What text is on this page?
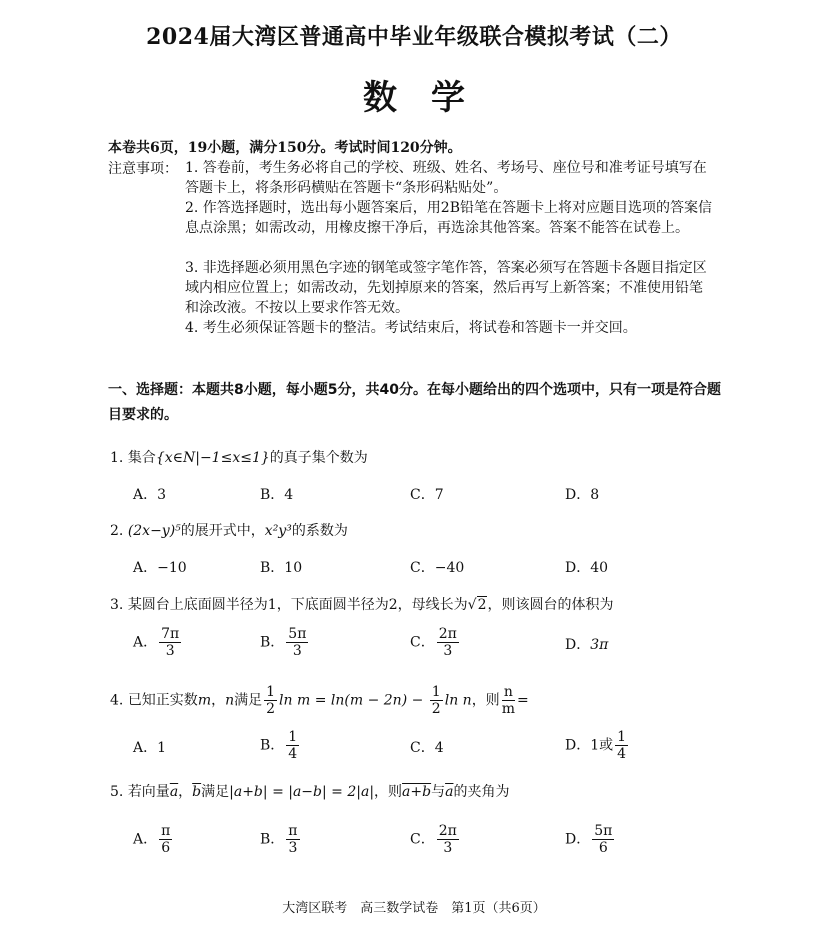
2024届大湾区普通高中毕业年级联合模拟考试（二）
数学
本卷共6页，19小题，满分150分。考试时间120分钟。
注意事项： 1. 答卷前，考生务必将自己的学校、班级、姓名、考场号、座位号和准考证号填写在答题卡上，将条形码横贴在答题卡“条形码粘贴处”。
2. 作答选择题时，选出每小题答案后，用2B铅笔在答题卡上将对应题目选项的答案信息点涂黑；如需改动，用橡皮擦干净后，再选涂其他答案。答案不能答在试卷上。
3. 非选择题必须用黑色字迹的钢笔或签字笔作答，答案必须写在答题卡各题目指定区域内相应位置上；如需改动，先划掉原来的答案，然后再写上新答案；不准使用铅笔和涂改液。不按以上要求作答无效。
4. 考生必须保证答题卡的整洁。考试结束后，将试卷和答题卡一并交回。
一、选择题：本题共8小题，每小题5分，共40分。在每小题给出的四个选项中，只有一项是符合题目要求的。
1. 集合{x∈N|−1≤x≤1}的真子集个数为
A．3	B．4	C．7	D．8
2. (2x−y)⁵的展开式中，x²y³的系数为
A．−10	B．10	C．−40	D．40
3. 某圆台上底面圆半径为1，下底面圆半径为2，母线长为√2，则该圆台的体积为
A． $\frac{7\pi}{3}$	B． $\frac{5\pi}{3}$	C． $\frac{2\pi}{3}$	D．3π
4. 已知正实数m，n满足 $\frac{1}{2}$ $\ln m = \ln(m - 2n) - \frac{1}{2}$ ln n，则 $\frac{n}{m}$ =
A．1	B． $\frac{1}{4}$	C．4	D．1或 $\frac{1}{4}$
5. 若向量$\overline{a}$，$\overline{b}$满足|a+b| = |a−b| = 2|a|，则a+b与$\overline{a}$的夹角为
A． $\frac{\pi}{6}$	B． $\frac{\pi}{3}$	C． $\frac{2\pi}{3}$	D． $\frac{5\pi}{6}$
大湾区联考　高三数学试卷　第1页（共6页）
